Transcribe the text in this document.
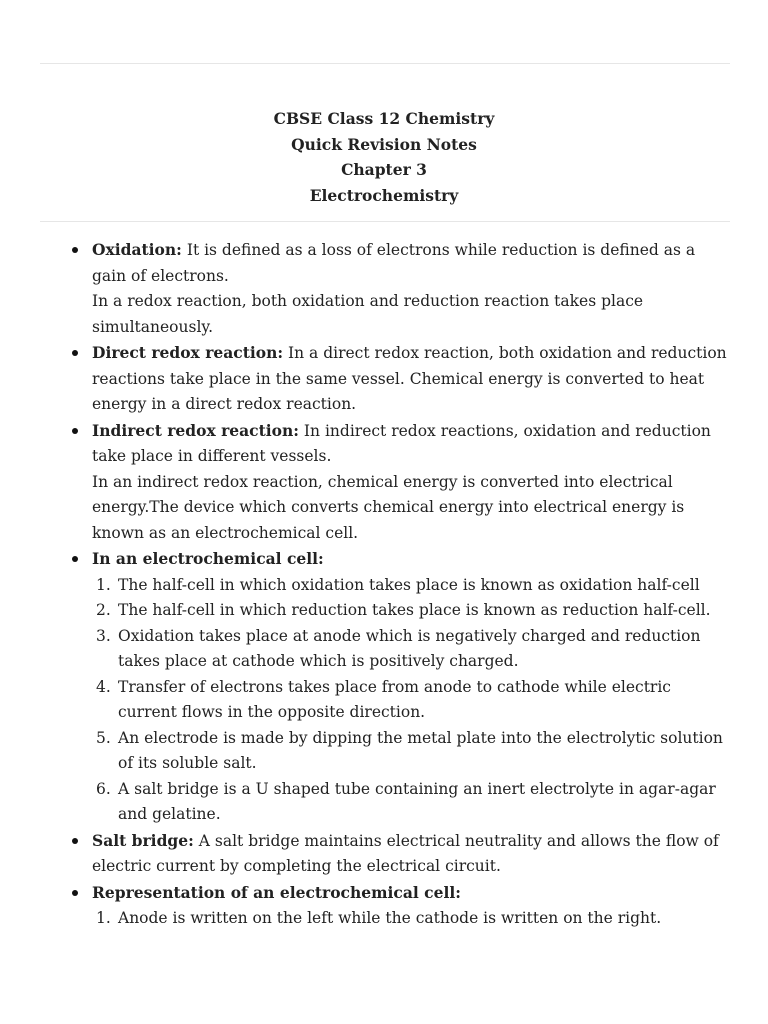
CBSE Class 12 Chemistry
Quick Revision Notes
Chapter 3
Electrochemistry
Oxidation: It is defined as a loss of electrons while reduction is defined as a gain of electrons.
In a redox reaction, both oxidation and reduction reaction takes place simultaneously.
Direct redox reaction: In a direct redox reaction, both oxidation and reduction reactions take place in the same vessel. Chemical energy is converted to heat energy in a direct redox reaction.
Indirect redox reaction: In indirect redox reactions, oxidation and reduction take place in different vessels.
In an indirect redox reaction, chemical energy is converted into electrical energy.The device which converts chemical energy into electrical energy is known as an electrochemical cell.
In an electrochemical cell:
1. The half-cell in which oxidation takes place is known as oxidation half-cell
2. The half-cell in which reduction takes place is known as reduction half-cell.
3. Oxidation takes place at anode which is negatively charged and reduction takes place at cathode which is positively charged.
4. Transfer of electrons takes place from anode to cathode while electric current flows in the opposite direction.
5. An electrode is made by dipping the metal plate into the electrolytic solution of its soluble salt.
6. A salt bridge is a U shaped tube containing an inert electrolyte in agar-agar and gelatine.
Salt bridge: A salt bridge maintains electrical neutrality and allows the flow of electric current by completing the electrical circuit.
Representation of an electrochemical cell:
1. Anode is written on the left while the cathode is written on the right.
